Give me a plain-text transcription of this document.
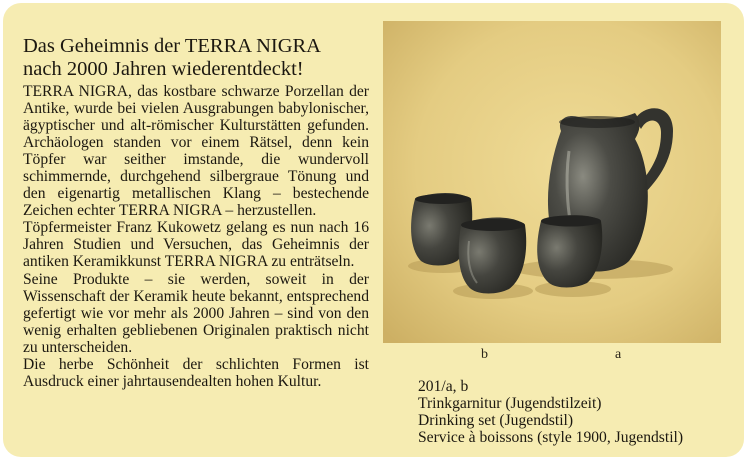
Das Geheimnis der TERRA NIGRA
nach 2000 Jahren wiederentdeckt!

TERRA NIGRA, das kostbare schwarze Porzellan der Antike, wurde bei vielen Ausgrabungen babylonischer, ägyptischer und alt-römischer Kulturstätten gefunden. Archäologen standen vor einem Rätsel, denn kein Töpfer war seither imstande, die wundervoll schimmernde, durchgehend silbergraue Tönung und den eigenartig metallischen Klang – bestechende Zeichen echter TERRA NIGRA – herzustellen.

Töpfermeister Franz Kukowetz gelang es nun nach 16 Jahren Studien und Versuchen, das Geheimnis der antiken Keramikkunst TERRA NIGRA zu enträtseln.

Seine Produkte – sie werden, soweit in der Wissenschaft der Keramik heute bekannt, entsprechend gefertigt wie vor mehr als 2000 Jahren – sind von den wenig erhalten gebliebenen Originalen praktisch nicht zu unterscheiden.

Die herbe Schönheit der schlichten Formen ist Ausdruck einer jahrtausendealten hohen Kultur.

b	a
201/a, b
Trinkgarnitur (Jugendstilzeit)
Drinking set (Jugendstil)
Service à boissons (style 1900, Jugendstil)
